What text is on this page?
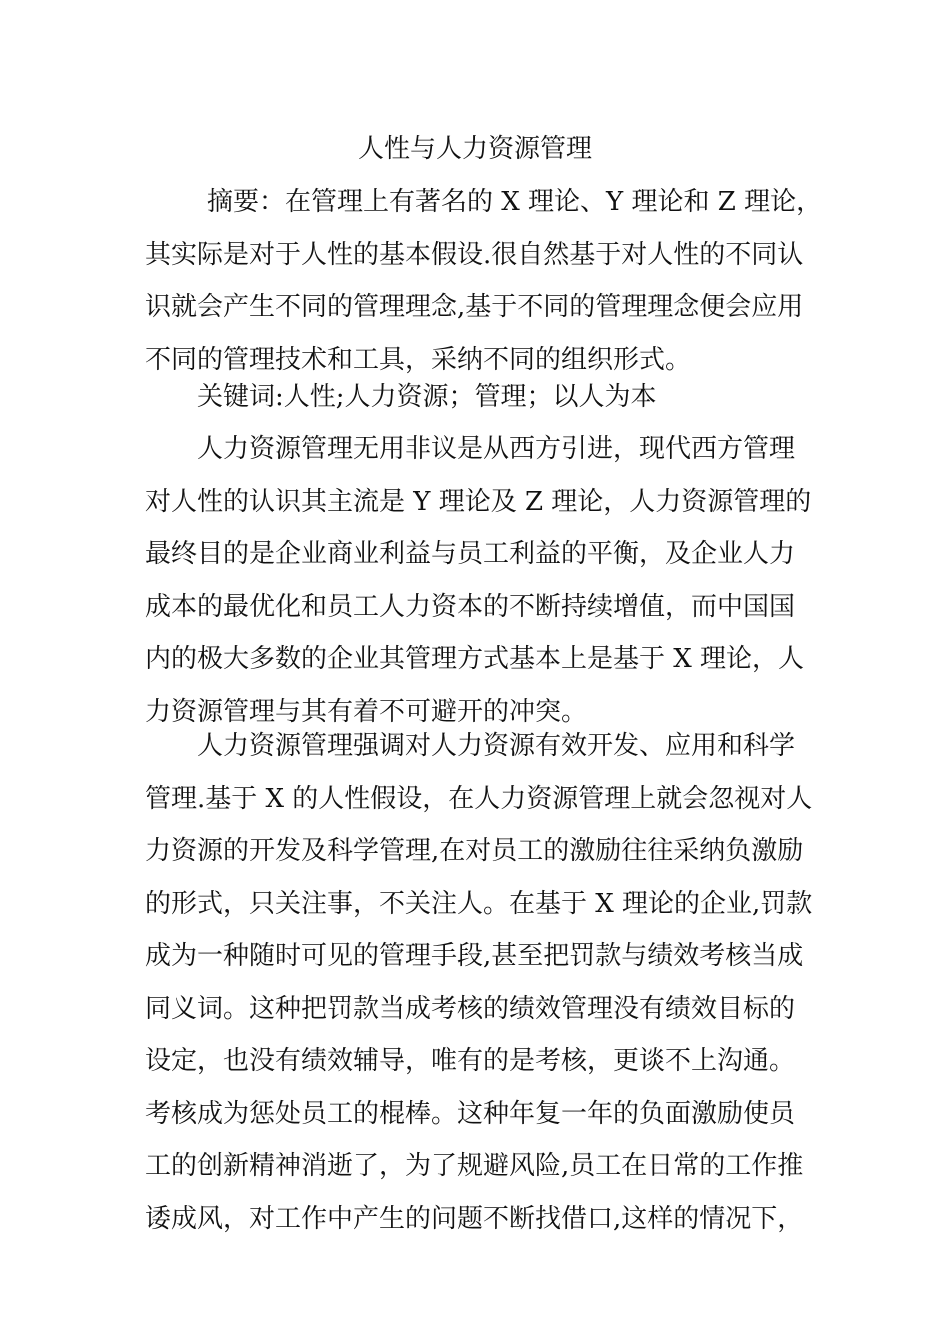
人性与人力资源管理

摘要：在管理上有著名的 X 理论、Y 理论和 Z 理论，
其实际是对于人性的基本假设.很自然基于对人性的不同认
识就会产生不同的管理理念,基于不同的管理理念便会应用
不同的管理技术和工具，采纳不同的组织形式。

关键词:人性;人力资源；管理；以人为本

人力资源管理无用非议是从西方引进，现代西方管理
对人性的认识其主流是 Y 理论及 Z 理论，人力资源管理的
最终目的是企业商业利益与员工利益的平衡，及企业人力
成本的最优化和员工人力资本的不断持续增值，而中国国
内的极大多数的企业其管理方式基本上是基于 X 理论，人
力资源管理与其有着不可避开的冲突。

人力资源管理强调对人力资源有效开发、应用和科学
管理.基于 X 的人性假设，在人力资源管理上就会忽视对人
力资源的开发及科学管理,在对员工的激励往往采纳负激励
的形式，只关注事，不关注人。在基于 X 理论的企业,罚款
成为一种随时可见的管理手段,甚至把罚款与绩效考核当成
同义词。这种把罚款当成考核的绩效管理没有绩效目标的
设定，也没有绩效辅导，唯有的是考核，更谈不上沟通。
考核成为惩处员工的棍棒。这种年复一年的负面激励使员
工的创新精神消逝了，为了规避风险,员工在日常的工作推
诿成风，对工作中产生的问题不断找借口,这样的情况下，
